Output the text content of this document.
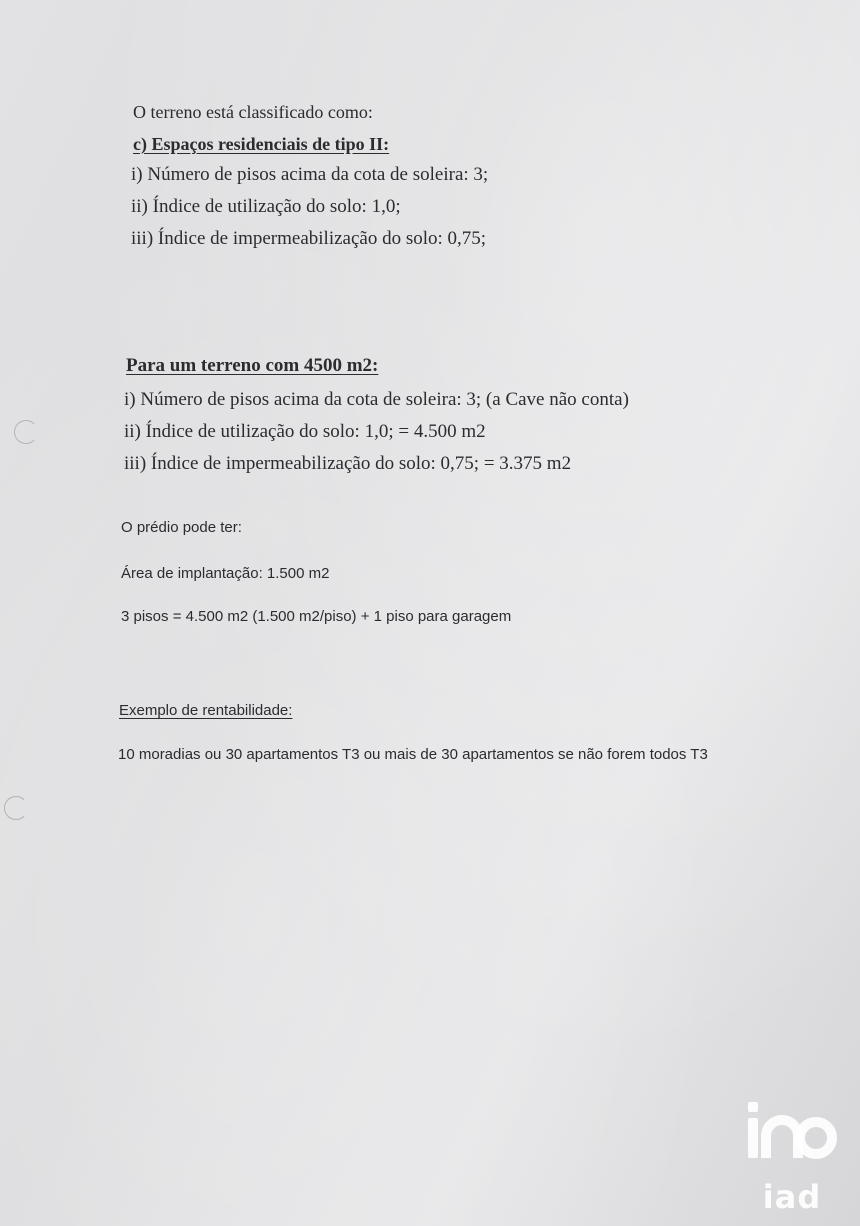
O terreno está classificado como:
c) Espaços residenciais de tipo II:
i) Número de pisos acima da cota de soleira: 3;
ii) Índice de utilização do solo: 1,0;
iii) Índice de impermeabilização do solo: 0,75;
Para um terreno com 4500 m2:
i) Número de pisos acima da cota de soleira: 3; (a Cave não conta)
ii) Índice de utilização do solo: 1,0; = 4.500 m2
iii) Índice de impermeabilização do solo: 0,75; = 3.375 m2
O prédio pode ter:
Área de implantação: 1.500 m2
3 pisos = 4.500 m2 (1.500 m2/piso) + 1 piso para garagem
Exemplo de rentabilidade:
10 moradias ou 30 apartamentos T3 ou mais de 30 apartamentos se não forem todos T3
iad
